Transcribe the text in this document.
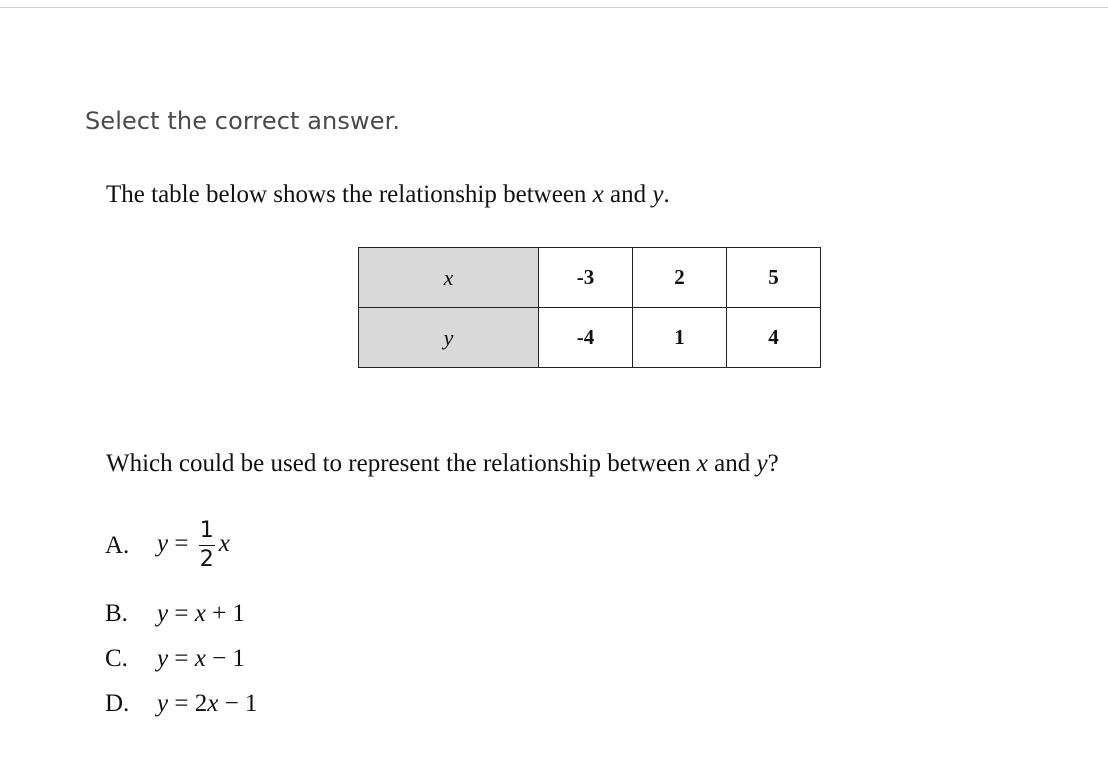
Select the correct answer.
The table below shows the relationship between x and y.
x	-3	2	5
y	-4	1	4
Which could be used to represent the relationship between x and y?
A.	$y = \frac{1}{2}$ x
B.	y = x + 1
C.	y = x − 1
D.	y = 2x − 1
